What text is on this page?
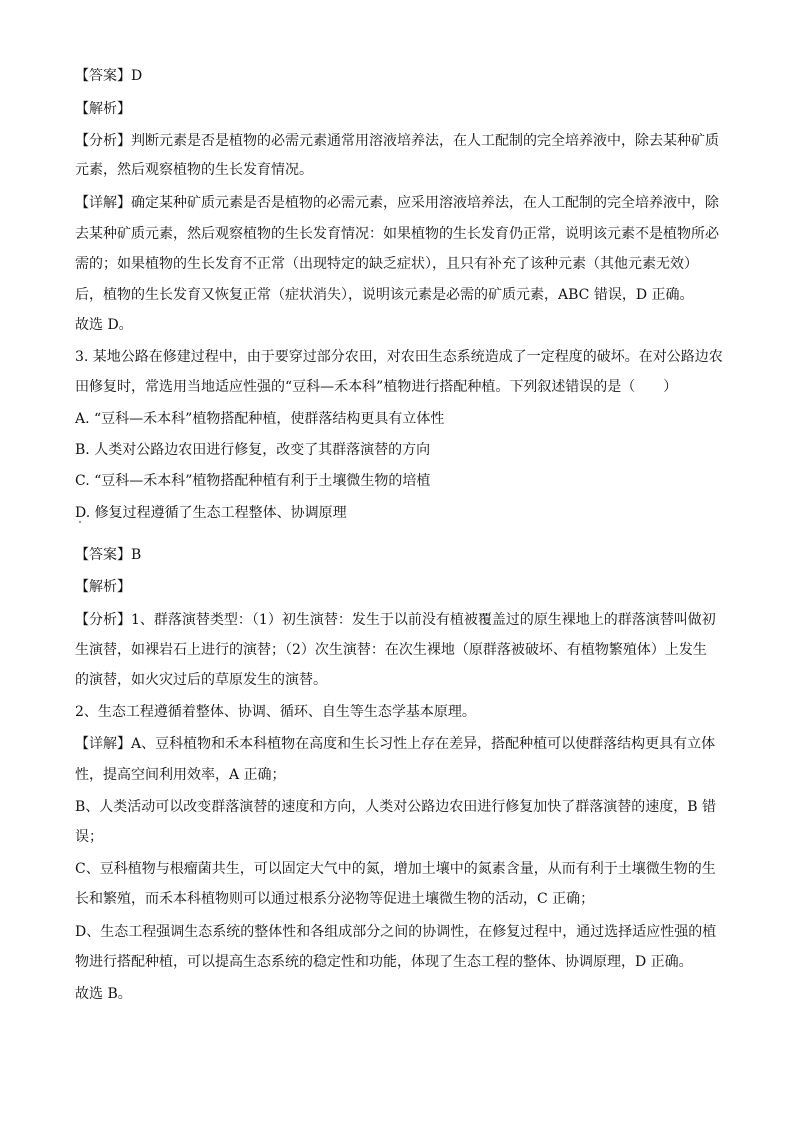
【答案】D
【解析】
【分析】判断元素是否是植物的必需元素通常用溶液培养法，在人工配制的完全培养液中，除去某种矿质
元素，然后观察植物的生长发育情况。
【详解】确定某种矿质元素是否是植物的必需元素，应采用溶液培养法，在人工配制的完全培养液中，除
去某种矿质元素，然后观察植物的生长发育情况：如果植物的生长发育仍正常，说明该元素不是植物所必
需的；如果植物的生长发育不正常（出现特定的缺乏症状），且只有补充了该种元素（其他元素无效）
后，植物的生长发育又恢复正常（症状消失），说明该元素是必需的矿质元素，ABC 错误，D 正确。
故选 D。
3. 某地公路在修建过程中，由于要穿过部分农田，对农田生态系统造成了一定程度的破坏。在对公路边农
田修复时，常选用当地适应性强的“豆科—禾本科”植物进行搭配种植。下列叙述错误的是（　　）
A. “豆科—禾本科”植物搭配种植，使群落结构更具有立体性
B. 人类对公路边农田进行修复，改变了其群落演替的方向
C. “豆科—禾本科”植物搭配种植有利于土壤微生物的培植
D. 修复过程遵循了生态工程整体、协调原理
【答案】B
【解析】
【分析】1、群落演替类型：（1）初生演替：发生于以前没有植被覆盖过的原生裸地上的群落演替叫做初
生演替，如裸岩石上进行的演替；（2）次生演替：在次生裸地（原群落被破坏、有植物繁殖体）上发生
的演替，如火灾过后的草原发生的演替。
2、生态工程遵循着整体、协调、循环、自生等生态学基本原理。
【详解】A、豆科植物和禾本科植物在高度和生长习性上存在差异，搭配种植可以使群落结构更具有立体
性，提高空间利用效率，A 正确；
B、人类活动可以改变群落演替的速度和方向，人类对公路边农田进行修复加快了群落演替的速度，B 错
误；
C、豆科植物与根瘤菌共生，可以固定大气中的氮，增加土壤中的氮素含量，从而有利于土壤微生物的生
长和繁殖，而禾本科植物则可以通过根系分泌物等促进土壤微生物的活动，C 正确；
D、生态工程强调生态系统的整体性和各组成部分之间的协调性，在修复过程中，通过选择适应性强的植
物进行搭配种植，可以提高生态系统的稳定性和功能，体现了生态工程的整体、协调原理，D 正确。
故选 B。
